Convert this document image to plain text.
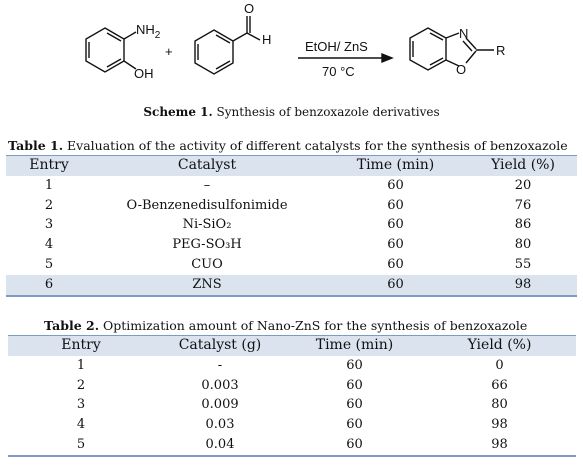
$NH_2$
OH
+
O
H	EtOH/ ZnS
70 °C
N
O
R
Scheme 1. Synthesis of benzoxazole derivatives
Table 1. Evaluation of the activity of different catalysts for the synthesis of benzoxazole
Entry	Catalyst	Time (min)	Yield (%)
1	–	60	20
2	O-Benzenedisulfonimide	60	76
3	Ni-SiO₂	60	86
4	PEG-SO₃H	60	80
5	CUO	60	55
6	ZNS	60	98
Table 2. Optimization amount of Nano-ZnS for the synthesis of benzoxazole
Entry	Catalyst (g)	Time (min)	Yield (%)
1	-	60	0
2	0.003	60	66
3	0.009	60	80
4	0.03	60	98
5	0.04	60	98
